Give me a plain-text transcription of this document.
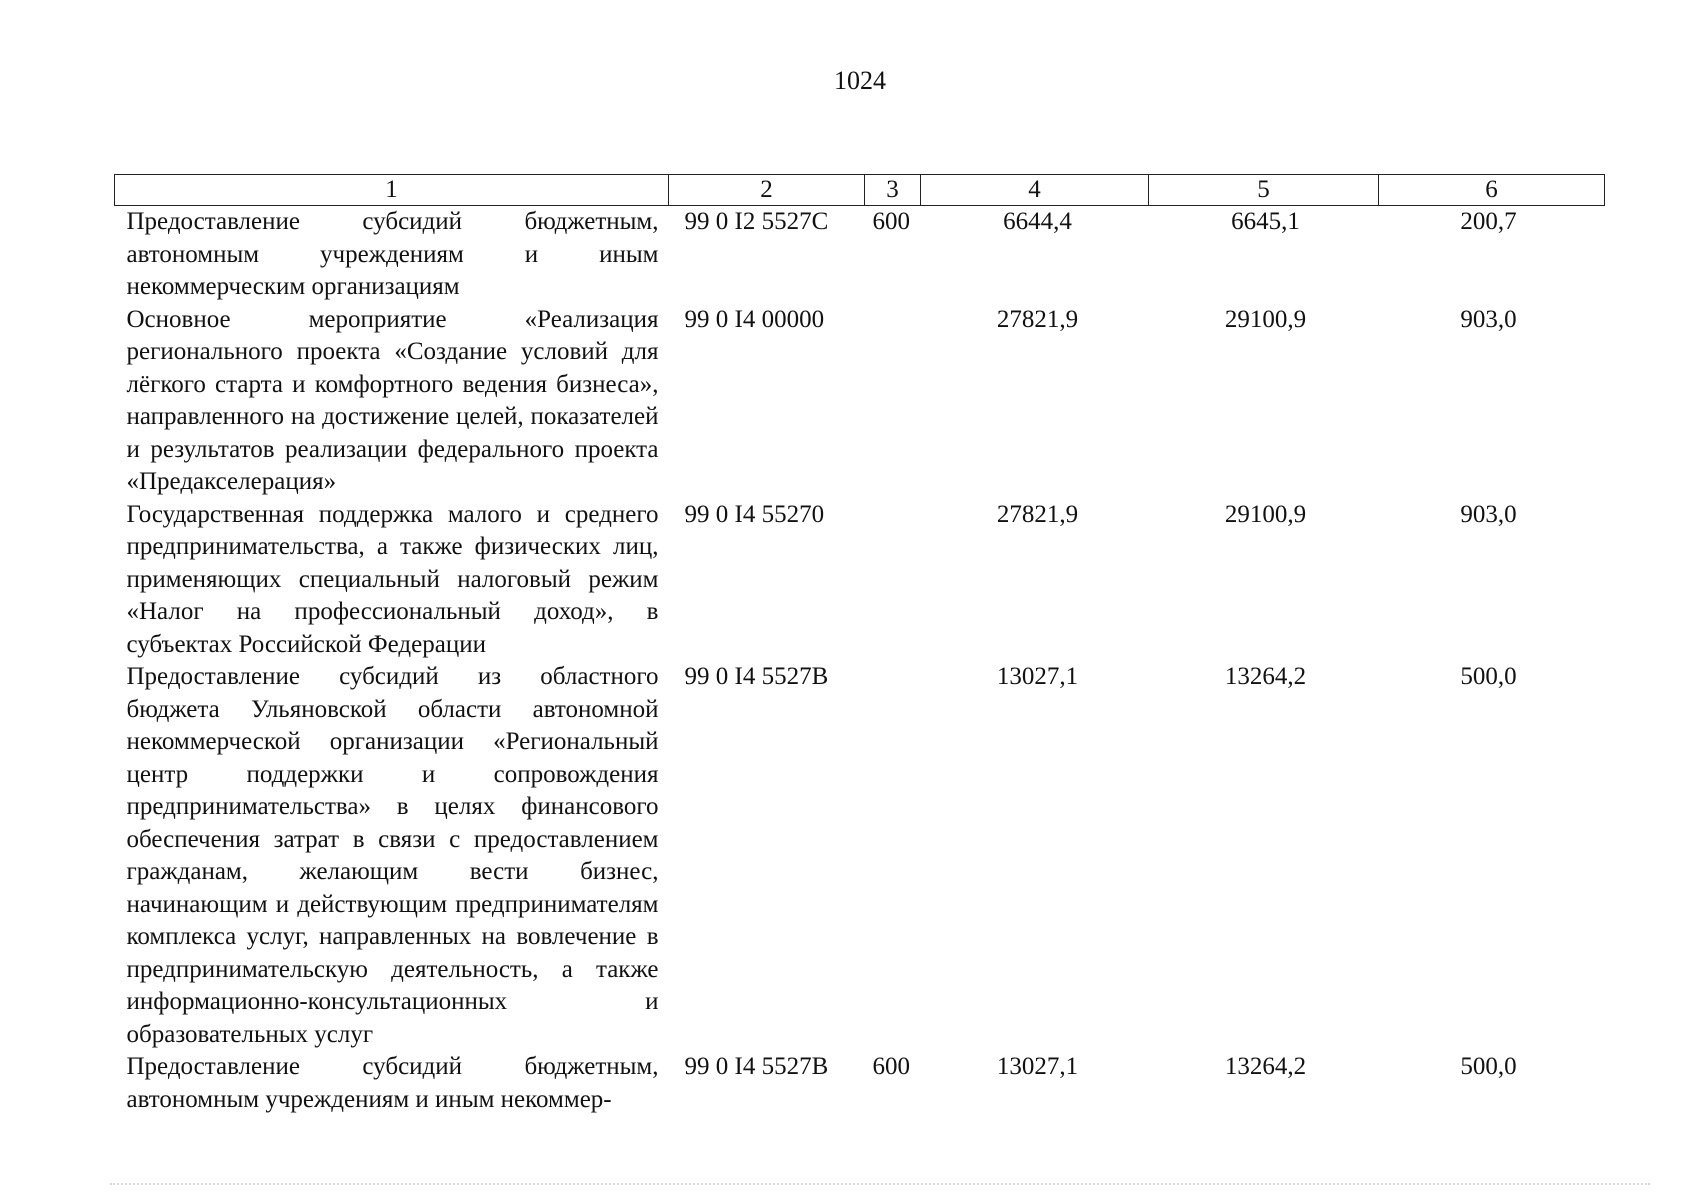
1024
1	2	3	4	5	6
Предоставление субсидий бюджетным, автономным учреждениям и иным некоммерческим организациям	99 0 I2 5527C	600	6644,4	6645,1	200,7
Основное мероприятие «Реализация регионального проекта «Создание условий для лёгкого старта и комфортного ведения бизнеса», направленного на достижение целей, показателей и результатов реализации федерального проекта «Предакселерация»	99 0 I4 00000		27821,9	29100,9	903,0
Государственная поддержка малого и среднего предпринимательства, а также физических лиц, применяющих специальный налоговый режим «Налог на профессиональный доход», в субъектах Российской Федерации	99 0 I4 55270		27821,9	29100,9	903,0
Предоставление субсидий из областного бюджета Ульяновской области автономной некоммерческой организации «Региональный центр поддержки и сопровождения предпринимательства» в целях финансового обеспечения затрат в связи с предоставлением гражданам, желающим вести бизнес, начинающим и действующим предпринимателям комплекса услуг, направленных на вовлечение в предпринимательскую деятельность, а также информационно-консультационных и образовательных услуг	99 0 I4 5527B		13027,1	13264,2	500,0
Предоставление субсидий бюджетным, автономным учреждениям и иным некоммер-	99 0 I4 5527B	600	13027,1	13264,2	500,0
